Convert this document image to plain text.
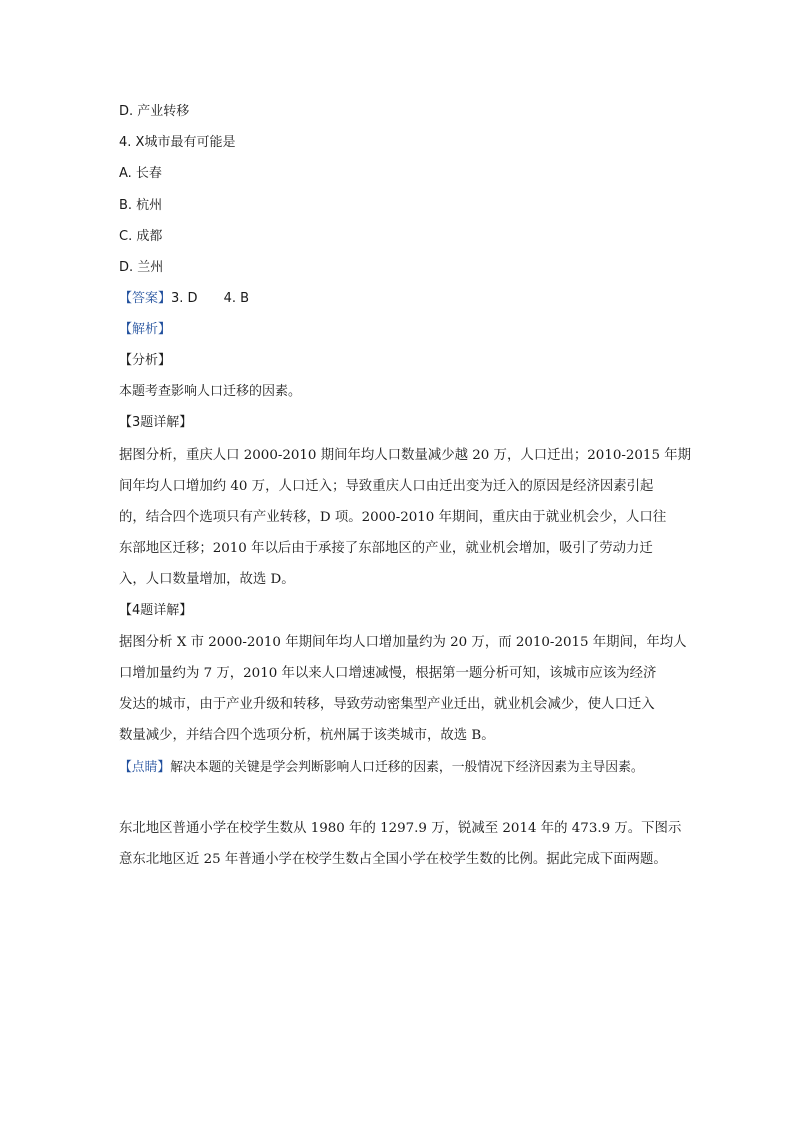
D. 产业转移
4. X城市最有可能是
A. 长春
B. 杭州
C. 成都
D. 兰州
【答案】3. D 4. B
【解析】
【分析】
本题考查影响人口迁移的因素。
【3题详解】
据图分析，重庆人口 2000-2010 期间年均人口数量减少越 20 万，人口迁出；2010-2015 年期
间年均人口增加约 40 万，人口迁入；导致重庆人口由迁出变为迁入的原因是经济因素引起
的，结合四个选项只有产业转移，D 项。2000-2010 年期间，重庆由于就业机会少，人口往
东部地区迁移；2010 年以后由于承接了东部地区的产业，就业机会增加，吸引了劳动力迁
入，人口数量增加，故选 D。
【4题详解】
据图分析 X 市 2000-2010 年期间年均人口增加量约为 20 万，而 2010-2015 年期间，年均人
口增加量约为 7 万，2010 年以来人口增速减慢，根据第一题分析可知，该城市应该为经济
发达的城市，由于产业升级和转移，导致劳动密集型产业迁出，就业机会减少，使人口迁入
数量减少，并结合四个选项分析，杭州属于该类城市，故选 B。
【点睛】解决本题的关键是学会判断影响人口迁移的因素，一般情况下经济因素为主导因素。
东北地区普通小学在校学生数从 1980 年的 1297.9 万，锐减至 2014 年的 473.9 万。下图示
意东北地区近 25 年普通小学在校学生数占全国小学在校学生数的比例。据此完成下面两题。
